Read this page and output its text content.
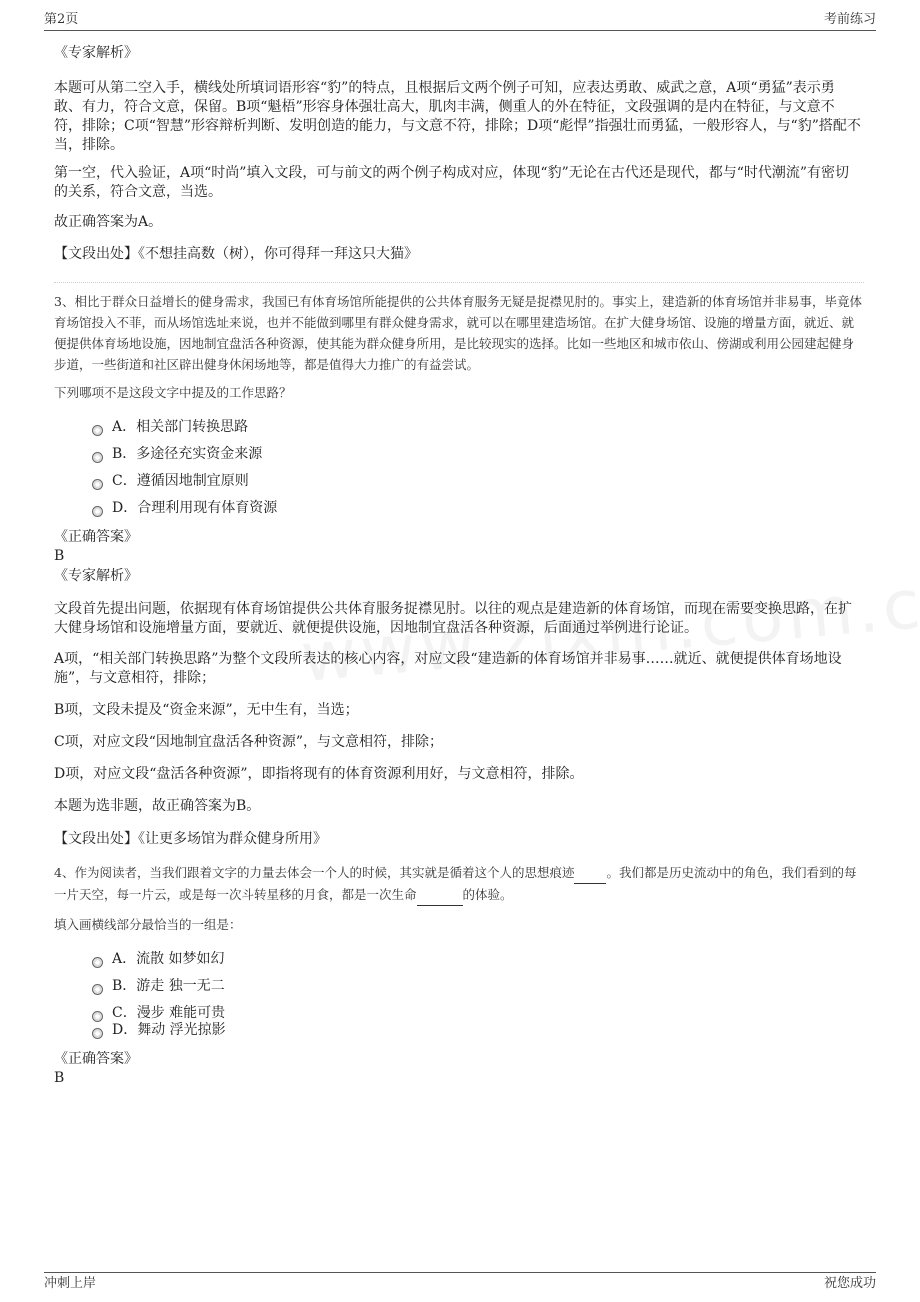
第2页	考前练习
《专家解析》
本题可从第二空入手，横线处所填词语形容“豹”的特点，且根据后文两个例子可知，应表达勇敢、威武之意，A项“勇猛”表示勇敢、有力，符合文意，保留。B项“魁梧”形容身体强壮高大，肌肉丰满，侧重人的外在特征，文段强调的是内在特征，与文意不符，排除；C项“智慧”形容辩析判断、发明创造的能力，与文意不符，排除；D项“彪悍”指强壮而勇猛，一般形容人，与“豹”搭配不当，排除。
第一空，代入验证，A项“时尚”填入文段，可与前文的两个例子构成对应，体现“豹”无论在古代还是现代，都与“时代潮流”有密切的关系，符合文意，当选。
故正确答案为A。
【文段出处】《不想挂高数（树），你可得拜一拜这只大猫》
3、相比于群众日益增长的健身需求，我国已有体育场馆所能提供的公共体育服务无疑是捉襟见肘的。事实上，建造新的体育场馆并非易事，毕竟体育场馆投入不菲，而从场馆选址来说，也并不能做到哪里有群众健身需求，就可以在哪里建造场馆。在扩大健身场馆、设施的增量方面，就近、就便提供体育场地设施，因地制宜盘活各种资源，使其能为群众健身所用，是比较现实的选择。比如一些地区和城市依山、傍湖或利用公园建起健身步道，一些街道和社区辟出健身休闲场地等，都是值得大力推广的有益尝试。
下列哪项不是这段文字中提及的工作思路？
A．相关部门转换思路
B．多途径充实资金来源
C．遵循因地制宜原则
D．合理利用现有体育资源
《正确答案》
B
《专家解析》
文段首先提出问题，依据现有体育场馆提供公共体育服务捉襟见肘。以往的观点是建造新的体育场馆，而现在需要变换思路，在扩大健身场馆和设施增量方面，要就近、就便提供设施，因地制宜盘活各种资源，后面通过举例进行论证。
A项，“相关部门转换思路”为整个文段所表达的核心内容，对应文段“建造新的体育场馆并非易事……就近、就便提供体育场地设施”，与文意相符，排除；
B项，文段未提及“资金来源”，无中生有，当选；
C项，对应文段“因地制宜盘活各种资源”，与文意相符，排除；
D项，对应文段“盘活各种资源”，即指将现有的体育资源利用好，与文意相符，排除。
本题为选非题，故正确答案为B。
【文段出处】《让更多场馆为群众健身所用》
4、作为阅读者，当我们跟着文字的力量去体会一个人的时候，其实就是循着这个人的思想痕迹	。我们都是历史流动中的角色，我们看到的每一片天空，每一片云，或是每一次斗转星移的月食，都是一次生命	的体验。
填入画横线部分最恰当的一组是：
A．流散 如梦如幻
B．游走 独一无二
C．漫步 难能可贵
D．舞动 浮光掠影
《正确答案》
B
冲刺上岸	祝您成功
